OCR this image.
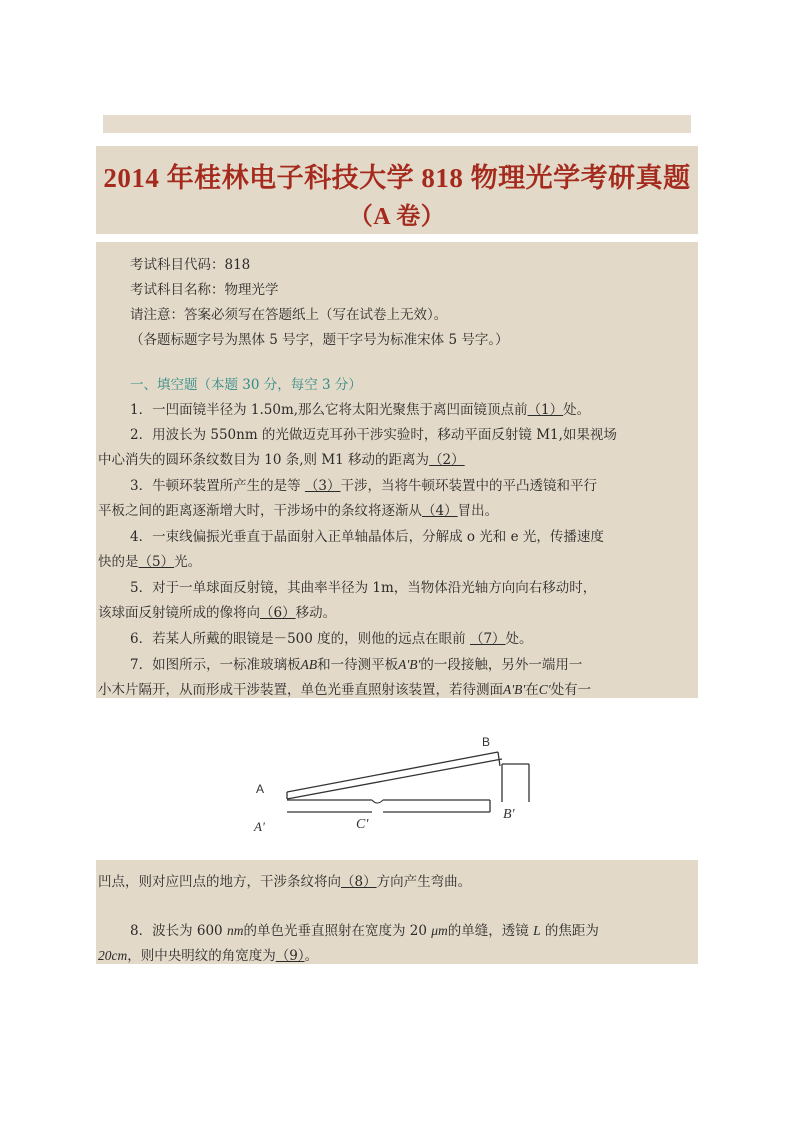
2014 年桂林电子科技大学 818 物理光学考研真题
（A 卷）
考试科目代码：818
考试科目名称：物理光学
请注意：答案必须写在答题纸上（写在试卷上无效）。
（各题标题字号为黑体 5 号字，题干字号为标准宋体 5 号字。）
一、填空题（本题 30 分，每空 3 分）
1．一凹面镜半径为 1.50m,那么它将太阳光聚焦于离凹面镜顶点前（1）处。
2．用波长为 550nm 的光做迈克耳孙干涉实验时，移动平面反射镜 M1,如果视场
中心消失的圆环条纹数目为 10 条,则 M1 移动的距离为（2）
3．牛顿环装置所产生的是等 （3）干涉，当将牛顿环装置中的平凸透镜和平行
平板之间的距离逐渐增大时，干涉场中的条纹将逐渐从（4）冒出。
4．一束线偏振光垂直于晶面射入正单轴晶体后，分解成 o 光和 e 光，传播速度
快的是（5）光。
5．对于一单球面反射镜，其曲率半径为 1m，当物体沿光轴方向向右移动时，
该球面反射镜所成的像将向（6）移动。
6．若某人所戴的眼镜是－500 度的，则他的远点在眼前 （7）处。
7．如图所示，一标准玻璃板AB和一待测平板A'B'的一段接触，另外一端用一
小木片隔开，从而形成干涉装置，单色光垂直照射该装置，若待测面A'B'在C'处有一
A
B
A'	C'
B'
凹点，则对应凹点的地方，干涉条纹将向（8）方向产生弯曲。
8．波长为 600 nm的单色光垂直照射在宽度为 20 μm的单缝，透镜 L 的焦距为
20cm，则中央明纹的角宽度为（9）。
